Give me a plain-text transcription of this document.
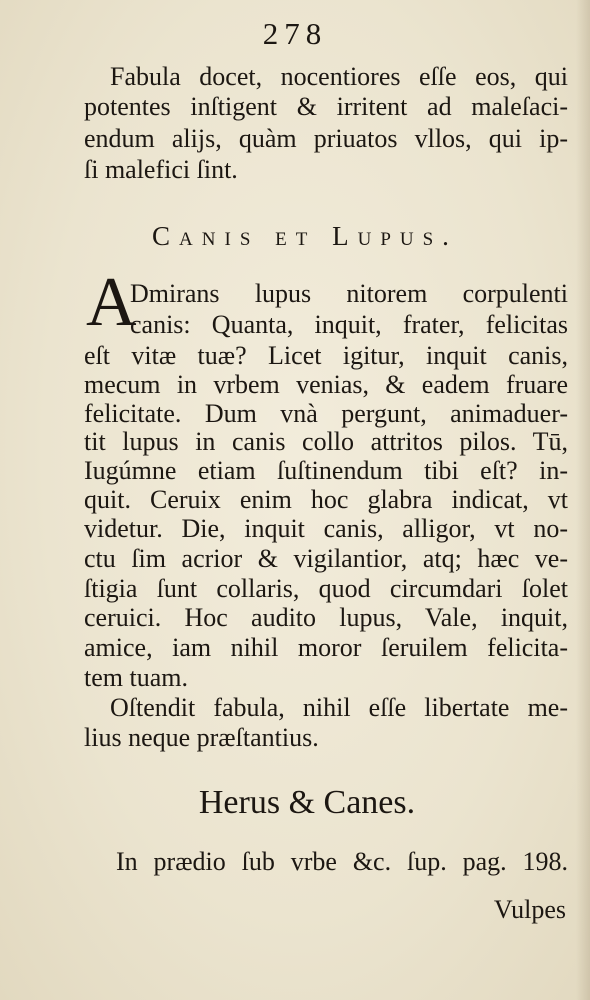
278
Fabula docet, nocentiores eſſe eos, qui
potentes inſtigent & irritent ad maleſaci-
endum alijs, quàm priuatos vllos, qui ip-
ſi malefici ſint.
Canis et Lupus.
A
Dmirans lupus nitorem corpulenti
canis: Quanta, inquit, frater, felicitas
eſt vitæ tuæ? Licet igitur, inquit canis,
mecum in vrbem venias, & eadem fruare
felicitate. Dum vnà pergunt, animaduer-
tit lupus in canis collo attritos pilos. Tū,
Iugúmne etiam ſuſtinendum tibi eſt? in-
quit. Ceruix enim hoc glabra indicat, vt
videtur. Die, inquit canis, alligor, vt no-
ctu ſim acrior & vigilantior, atq; hæc ve-
ſtigia ſunt collaris, quod circumdari ſolet
ceruici. Hoc audito lupus, Vale, inquit,
amice, iam nihil moror ſeruilem felicita-
tem tuam.
Oſtendit fabula, nihil eſſe libertate me-
lius neque præſtantius.
Herus & Canes.
In prædio ſub vrbe &c. ſup. pag. 198.
Vulpes
